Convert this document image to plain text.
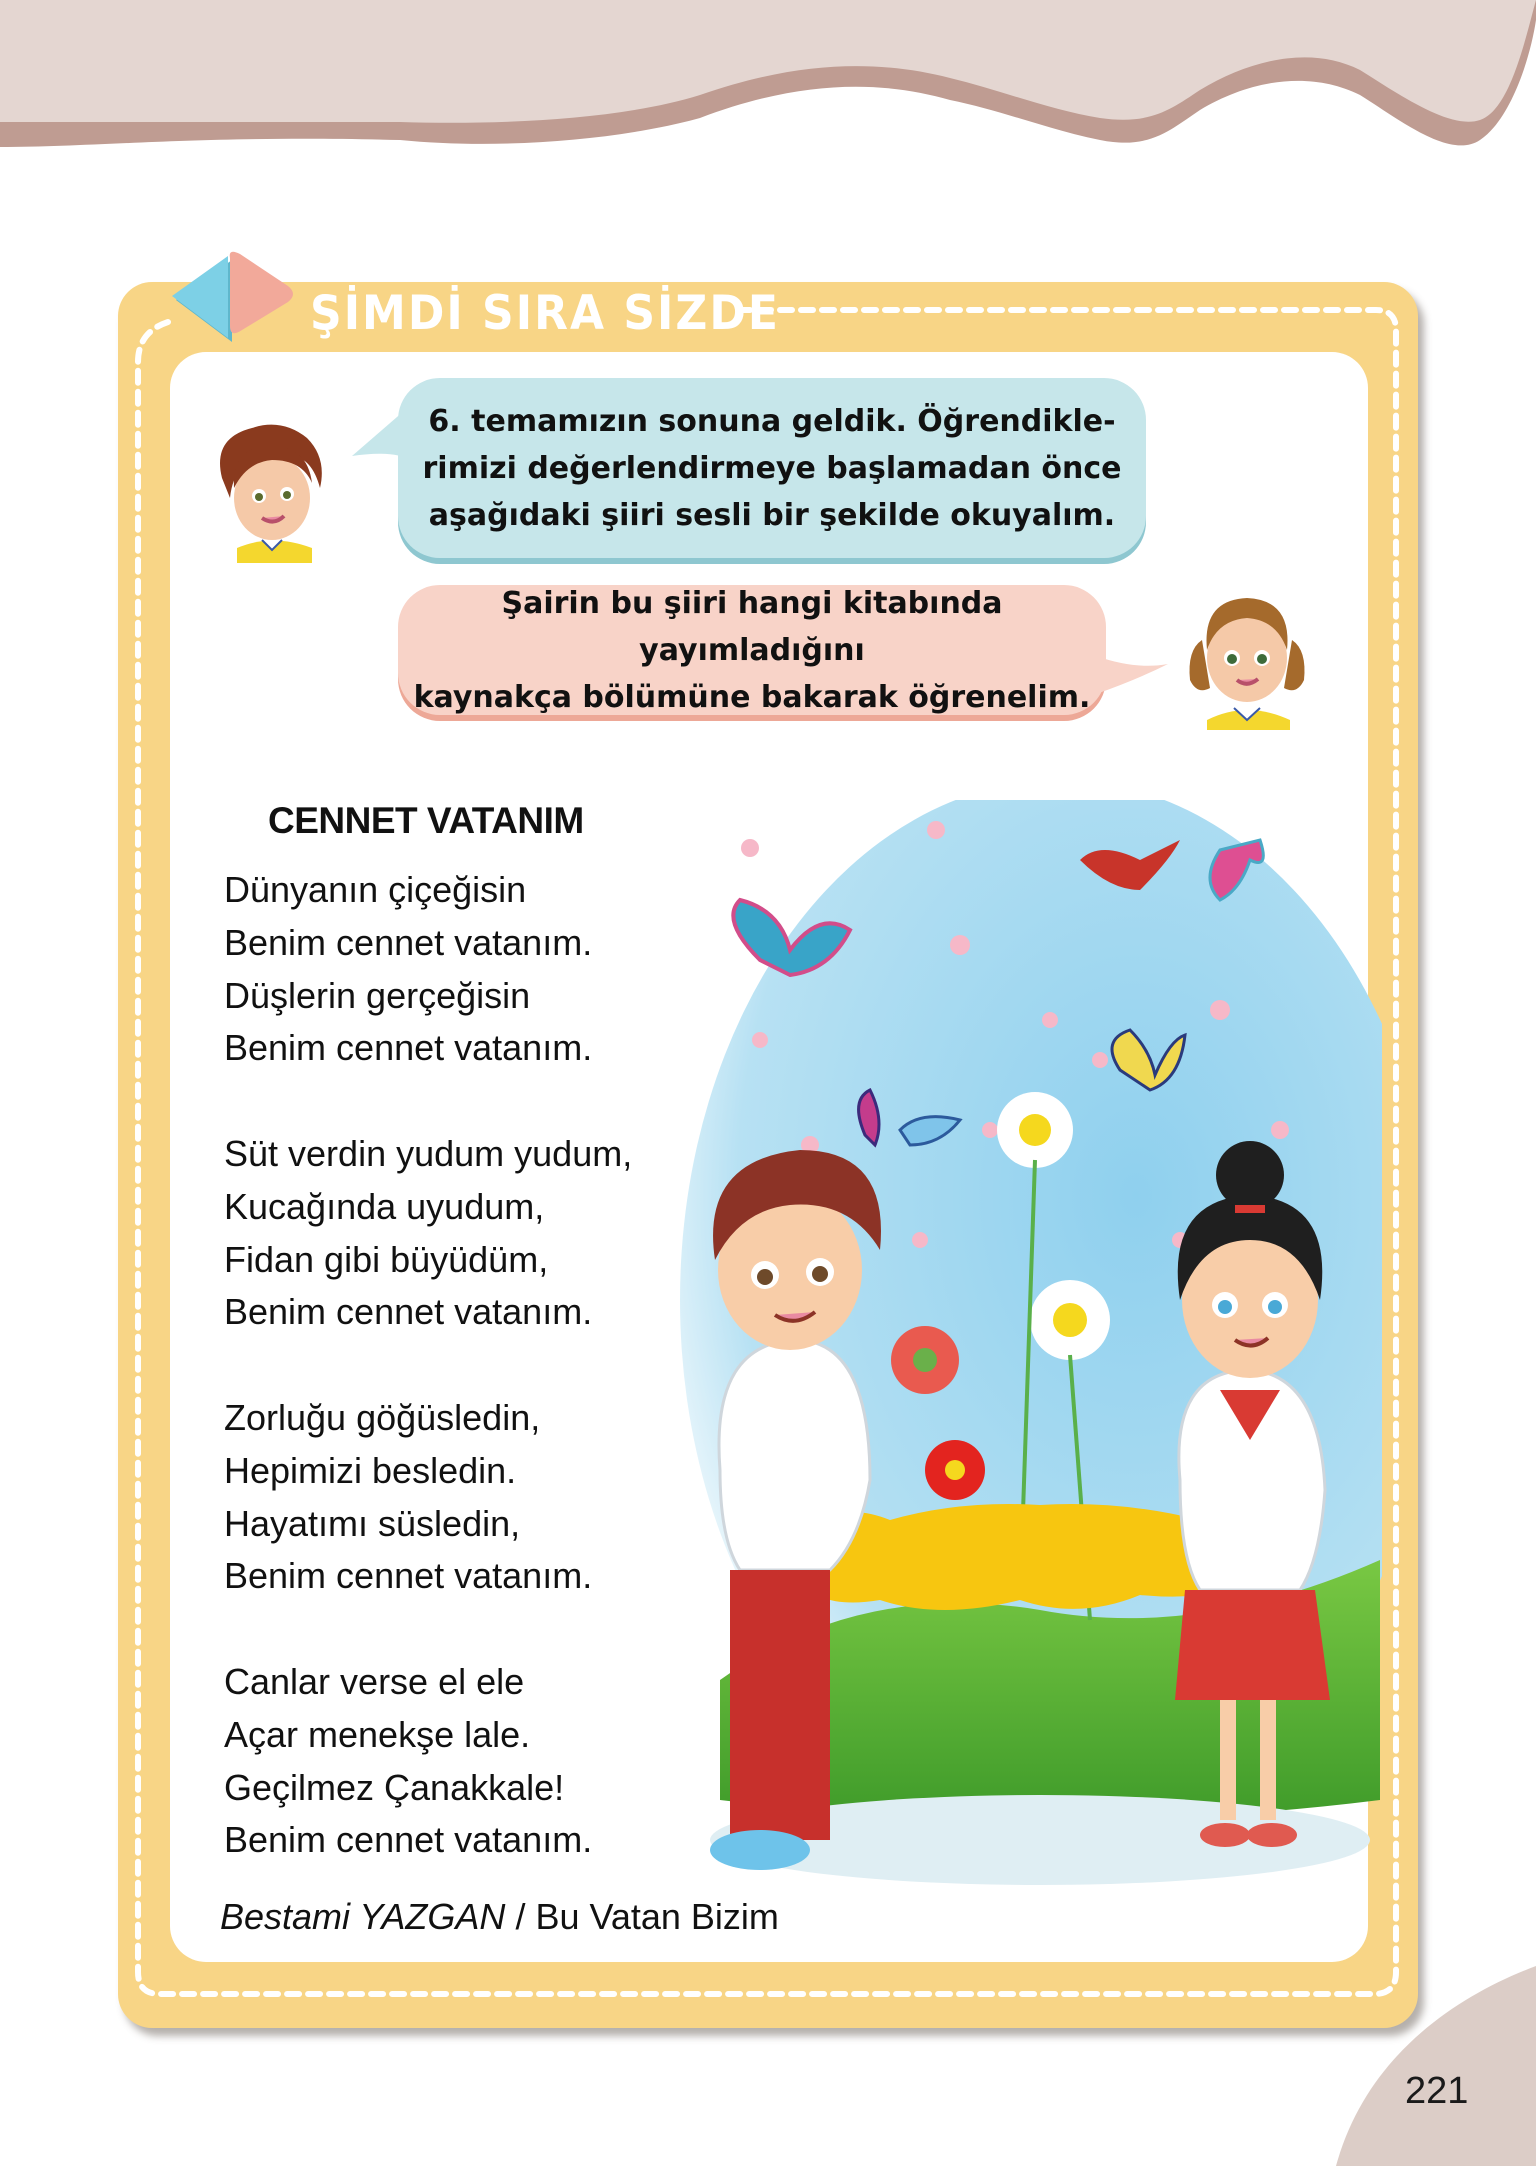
221
ŞİMDİ SIRA SİZDE
6. temamızın sonuna geldik. Öğrendikle-
rimizi değerlendirmeye başlamadan önce
aşağıdaki şiiri sesli bir şekilde okuyalım.
Şairin bu şiiri hangi kitabında yayımladığını
kaynakça bölümüne bakarak öğrenelim.
CENNET VATANIM
Dünyanın çiçeğisin
Benim cennet vatanım.
Düşlerin gerçeğisin
Benim cennet vatanım.
Süt verdin yudum yudum,
Kucağında uyudum,
Fidan gibi büyüdüm,
Benim cennet vatanım.
Zorluğu göğüsledin,
Hepimizi besledin.
Hayatımı süsledin,
Benim cennet vatanım.
Canlar verse el ele
Açar menekşe lale.
Geçilmez Çanakkale!
Benim cennet vatanım.
Bestami YAZGAN / Bu Vatan Bizim
